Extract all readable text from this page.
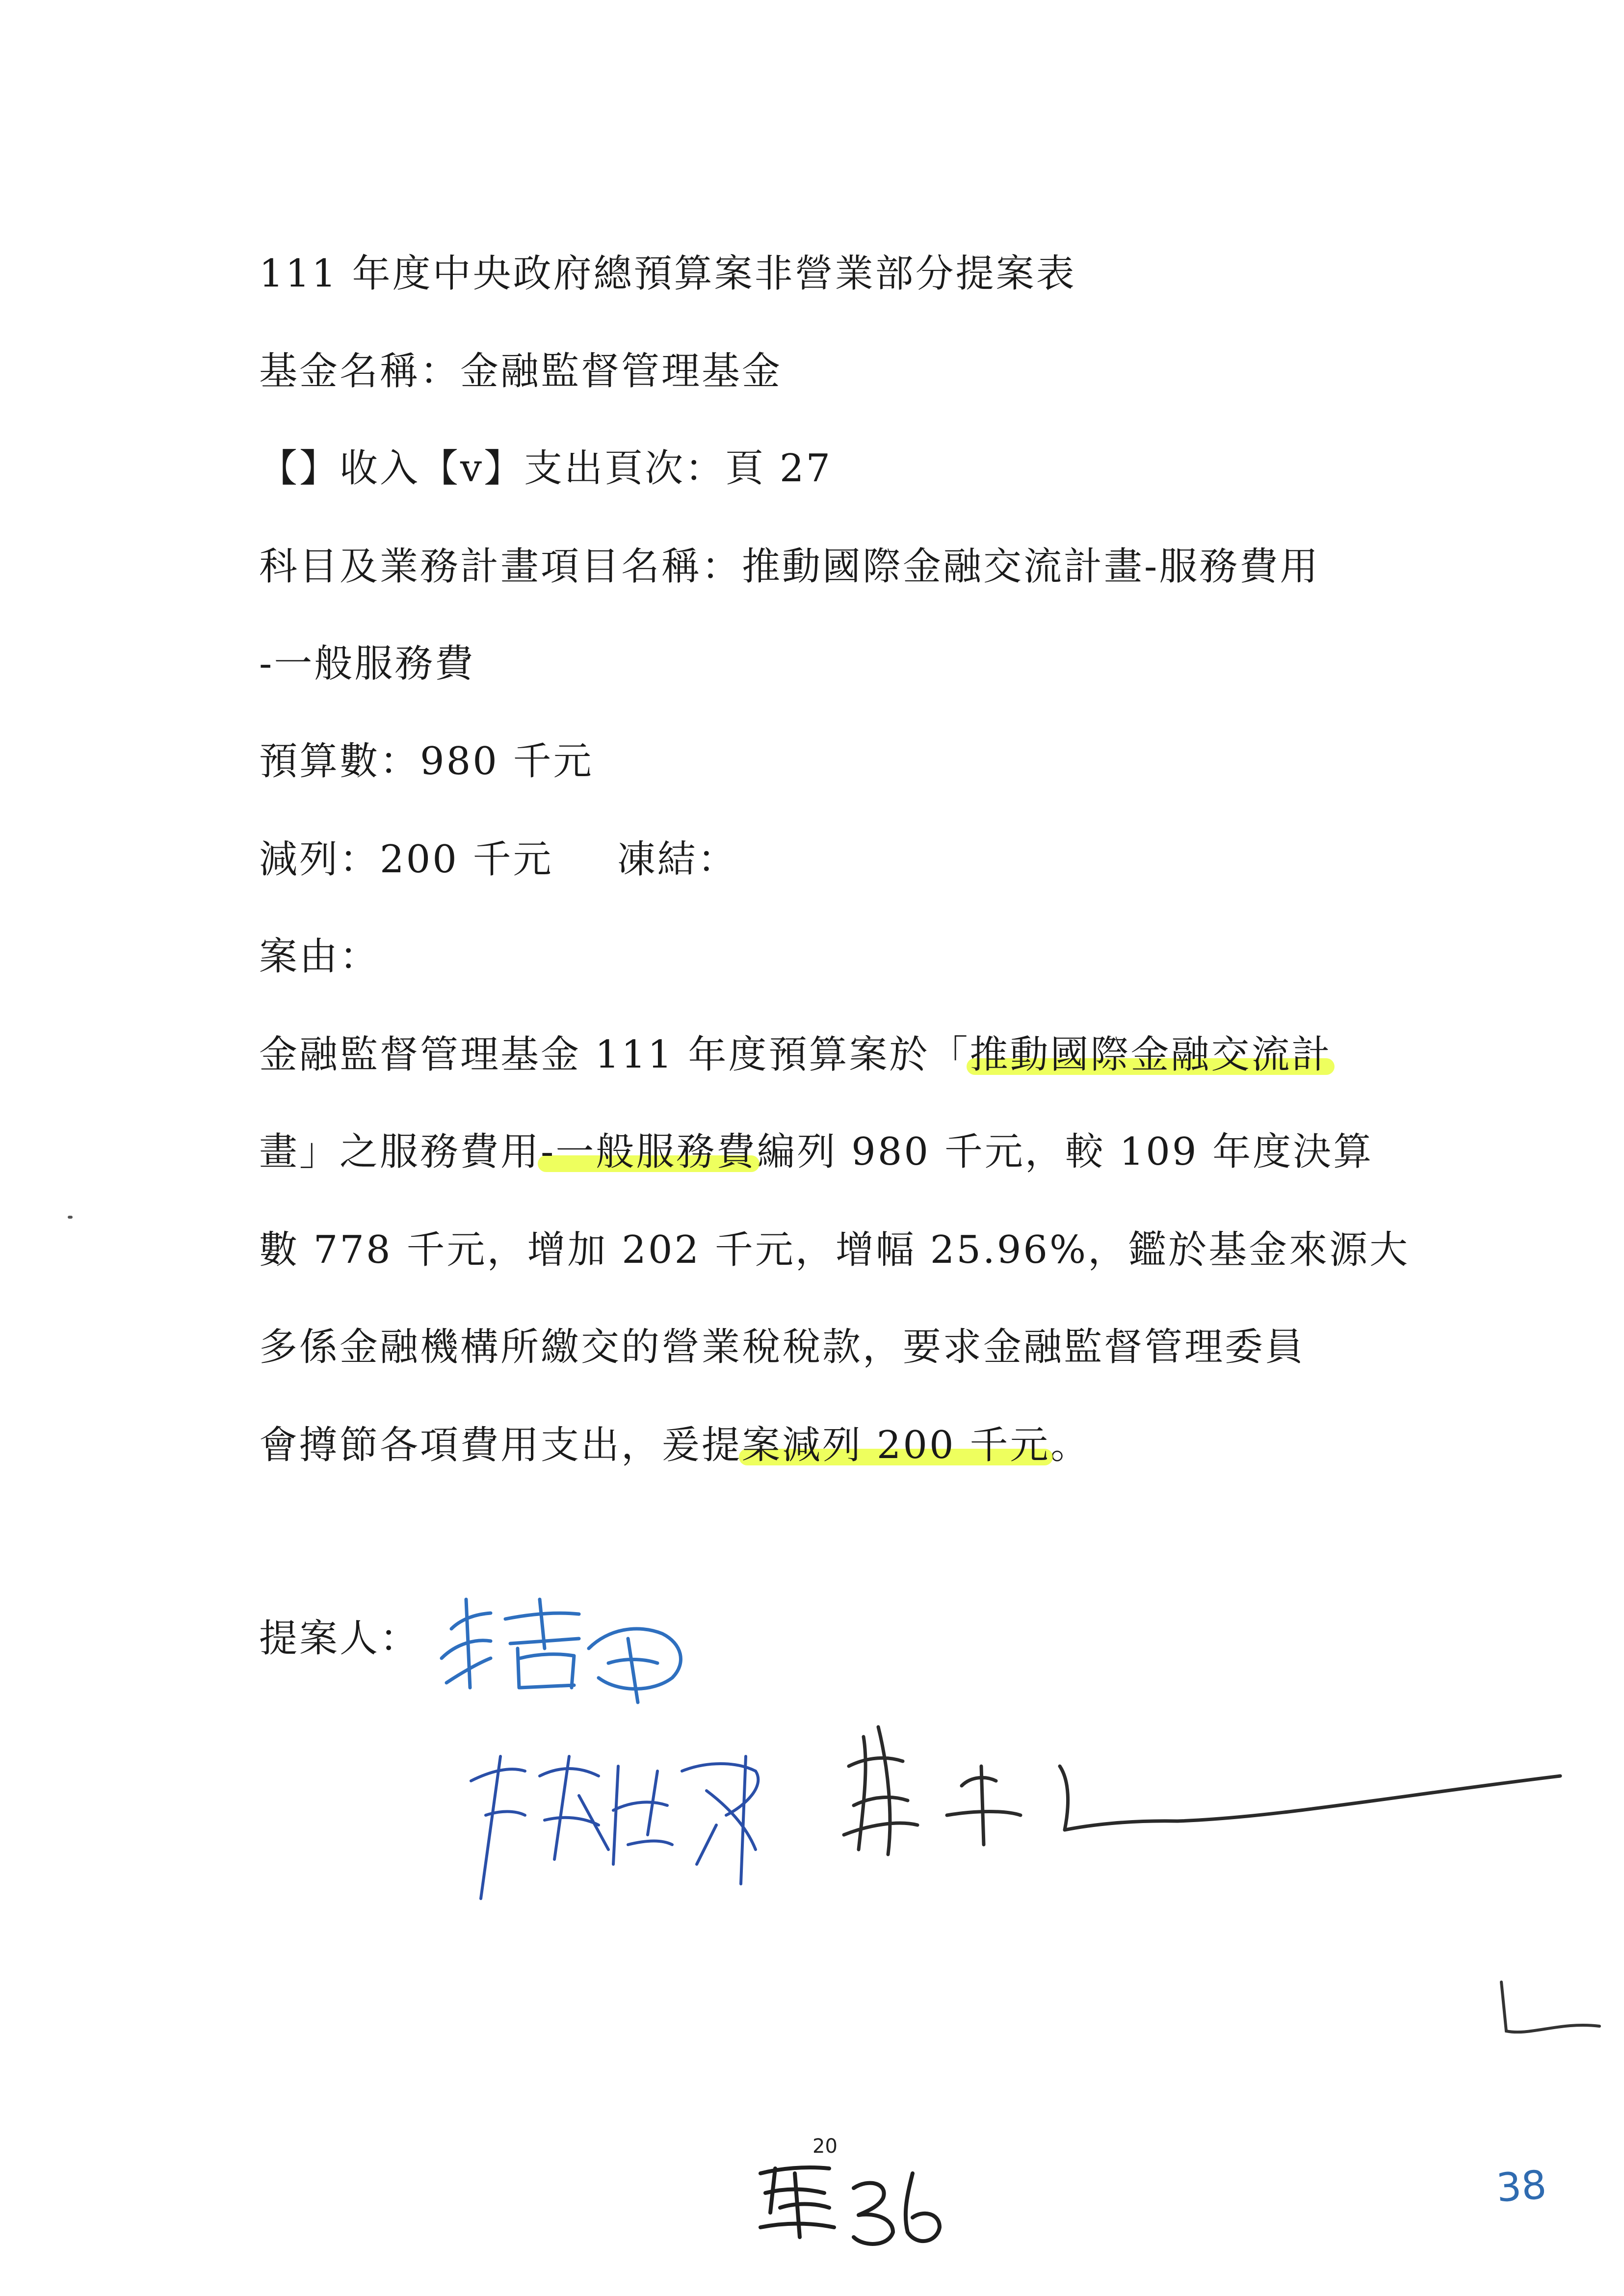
111 年度中央政府總預算案非營業部分提案表
基金名稱：金融監督管理基金
【】收入【v】支出頁次：頁 27
科目及業務計畫項目名稱：推動國際金融交流計畫-服務費用
-一般服務費
預算數：980 千元
減列：200 千元 凍結：
案由：
金融監督管理基金 111 年度預算案於「推動國際金融交流計
畫」之服務費用-一般服務費編列 980 千元，較 109 年度決算
數 778 千元，增加 202 千元，增幅 25.96%，鑑於基金來源大
多係金融機構所繳交的營業稅稅款，要求金融監督管理委員
會撙節各項費用支出，爰提案減列 200 千元。
提案人：
20
38
